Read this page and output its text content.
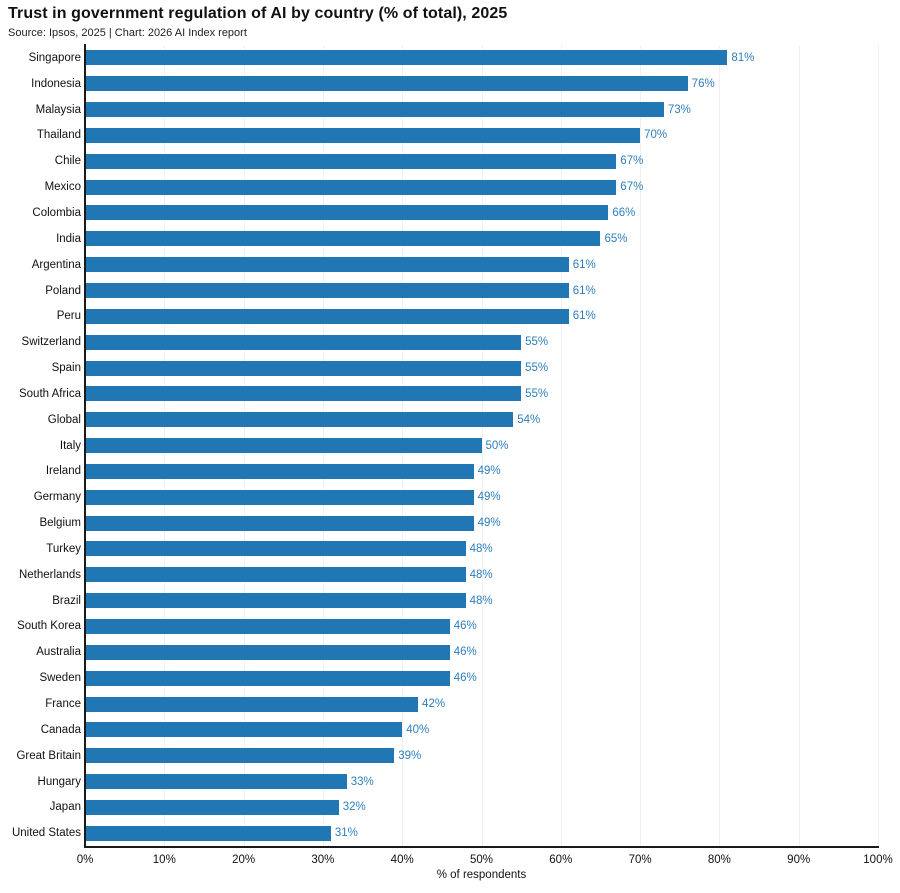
Trust in government regulation of AI by country (% of total), 2025
Source: Ipsos, 2025 | Chart: 2026 AI Index report
Singapore	81%
Indonesia	76%
Malaysia	73%
Thailand	70%
Chile	67%
Mexico	67%
Colombia	66%
India	65%
Argentina	61%
Poland	61%
Peru	61%
Switzerland	55%
Spain	55%
South Africa	55%
Global	54%
Italy	50%
Ireland	49%
Germany	49%
Belgium	49%
Turkey	48%
Netherlands	48%
Brazil	48%
South Korea	46%
Australia	46%
Sweden	46%
France	42%
Canada	40%
Great Britain	39%
Hungary	33%
Japan	32%
United States	31%
0%	10%	20%	30%	40%	50%	60%	70%	80%	90%	100%
% of respondents
